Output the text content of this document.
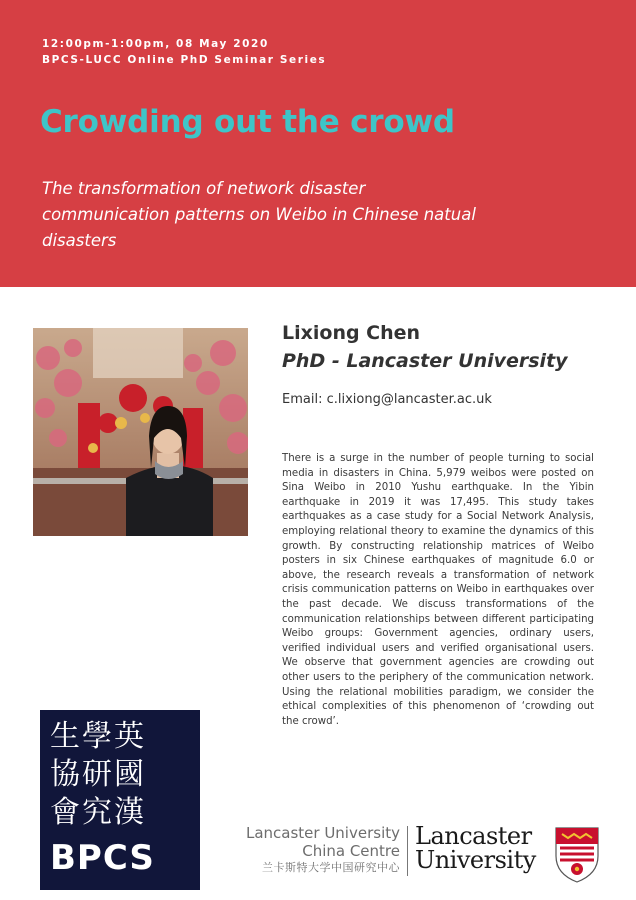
12:00pm-1:00pm, 08 May 2020
BPCS-LUCC Online PhD Seminar Series
Crowding out the crowd
The transformation of network disaster communication patterns on Weibo in Chinese natual disasters
Lixiong Chen
PhD - Lancaster University
Email: c.lixiong@lancaster.ac.uk

There is a surge in the number of people turning to social media in disasters in China. 5,979 weibos were posted on Sina Weibo in 2010 Yushu earthquake. In the Yibin earthquake in 2019 it was 17,495. This study takes earthquakes as a case study for a Social Network Analysis, employing relational theory to examine the dynamics of this growth. By constructing relationship matrices of Weibo posters in six Chinese earthquakes of magnitude 6.0 or above, the research reveals a transformation of network crisis communication patterns on Weibo in earthquakes over the past decade. We discuss transformations of the communication relationships between different participating Weibo groups: Government agencies, ordinary users, verified individual users and verified organisational users. We observe that government agencies are crowding out other users to the periphery of the communication network. Using the relational mobilities paradigm, we consider the ethical complexities of this phenomenon of ‘crowding out the crowd’.

生學英
協研國
會究漢
BPCS
Lancaster University
China Centre
兰卡斯特大学中国研究中心
Lancaster
University
